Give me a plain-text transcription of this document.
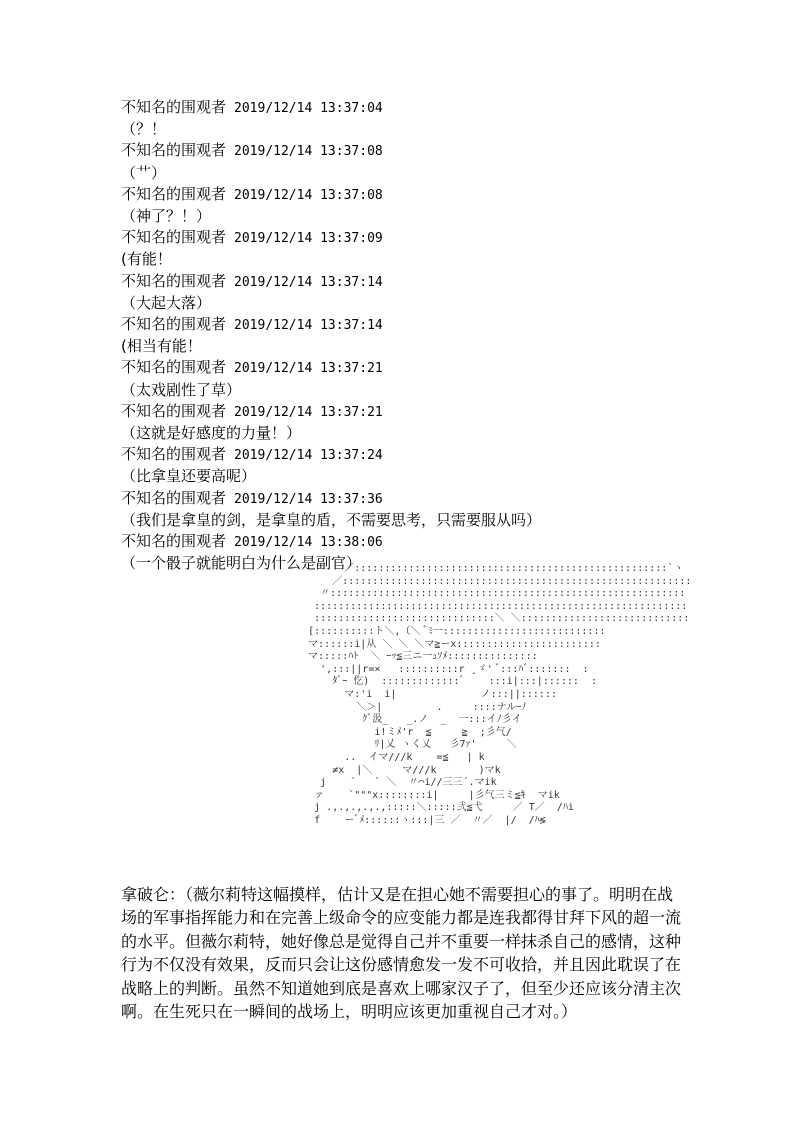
不知名的围观者 2019/12/14 13:37:04
（？！
不知名的围观者 2019/12/14 13:37:08
（艹）
不知名的围观者 2019/12/14 13:37:08
（神了？！）
不知名的围观者 2019/12/14 13:37:09
(有能！
不知名的围观者 2019/12/14 13:37:14
（大起大落）
不知名的围观者 2019/12/14 13:37:14
(相当有能！
不知名的围观者 2019/12/14 13:37:21
（太戏剧性了草）
不知名的围观者 2019/12/14 13:37:21
（这就是好感度的力量！）
不知名的围观者 2019/12/14 13:37:24
（比拿皇还要高呢）
不知名的围观者 2019/12/14 13:37:36
（我们是拿皇的剑，是拿皇的盾，不需要思考，只需要服从吗）
不知名的围观者 2019/12/14 13:38:06
（一个骰子就能明白为什么是副官）
／::::::::::::::::::::::::::::::::::::::::::::::::::::`ヽ
／::::::::::::::::::::::::::::::::::::::::::::::::::::::::::
〃:::::::::::::::::::::::::::::::::::::::::::::::::::::::::::
::::::::::::::::::::::::::::::::::::::::::::::::::::::::::::::
::::::::::::::::::::::::::::::＼ ＼::::::::::::::::::::::::::::
[::::::::::ト＼,（＼ ﾞﾐ一:::::::::::::::::::::::::::
マ::::::i|从 ＼ ＼ ＼マ≧ーx::::::::::::::::::::::::
マ:::::ﾊﾄ  ＼ ｰｯ≦三ニ一ｭｿﾒ:::::::::::::::
',:::||r=×   ::::::::::r ¸ゞ' ﾞ:::ﾊﾞ:::::::  :
ﾀﾞｰ 仡)  :::::::::::::ﾞ    :::i|:::|::::::  :
マ:'i  i|              ノ:::||::::::
＼＞|         .     ::::ナルｰﾉ
ｸﾞ汲_   _.ノ  _  一:::イﾉ彡イ
i!ミﾒ'r  ≦     ≧  ;彡气/
ﾘ|乂 ヽく乂   彡7ｧ'     ＼
..  イマ///k    =≦   | k
≠x  |＼     マ///k       )マk
j    `   ` ＼  〃⌒i//三三´.マik
ァ    `"""x::::::::i|     |彡气三ミ≦ｷ  マik
j .,.,.,.,.,:::::＼:::::弐≦弋     ／ T／  /ﾊi
f    ーﾞﾒ::::::ヽ:::|三 ／  〃／  |/  /ﾊ≶
拿破仑：（薇尔莉特这幅摸样，估计又是在担心她不需要担心的事了。明明在战场的军事指挥能力和在完善上级命令的应变能力都是连我都得甘拜下风的超一流的水平。但薇尔莉特，她好像总是觉得自己并不重要一样抹杀自己的感情，这种行为不仅没有效果，反而只会让这份感情愈发一发不可收拾，并且因此耽误了在战略上的判断。虽然不知道她到底是喜欢上哪家汉子了，但至少还应该分清主次啊。在生死只在一瞬间的战场上，明明应该更加重视自己才对。）
